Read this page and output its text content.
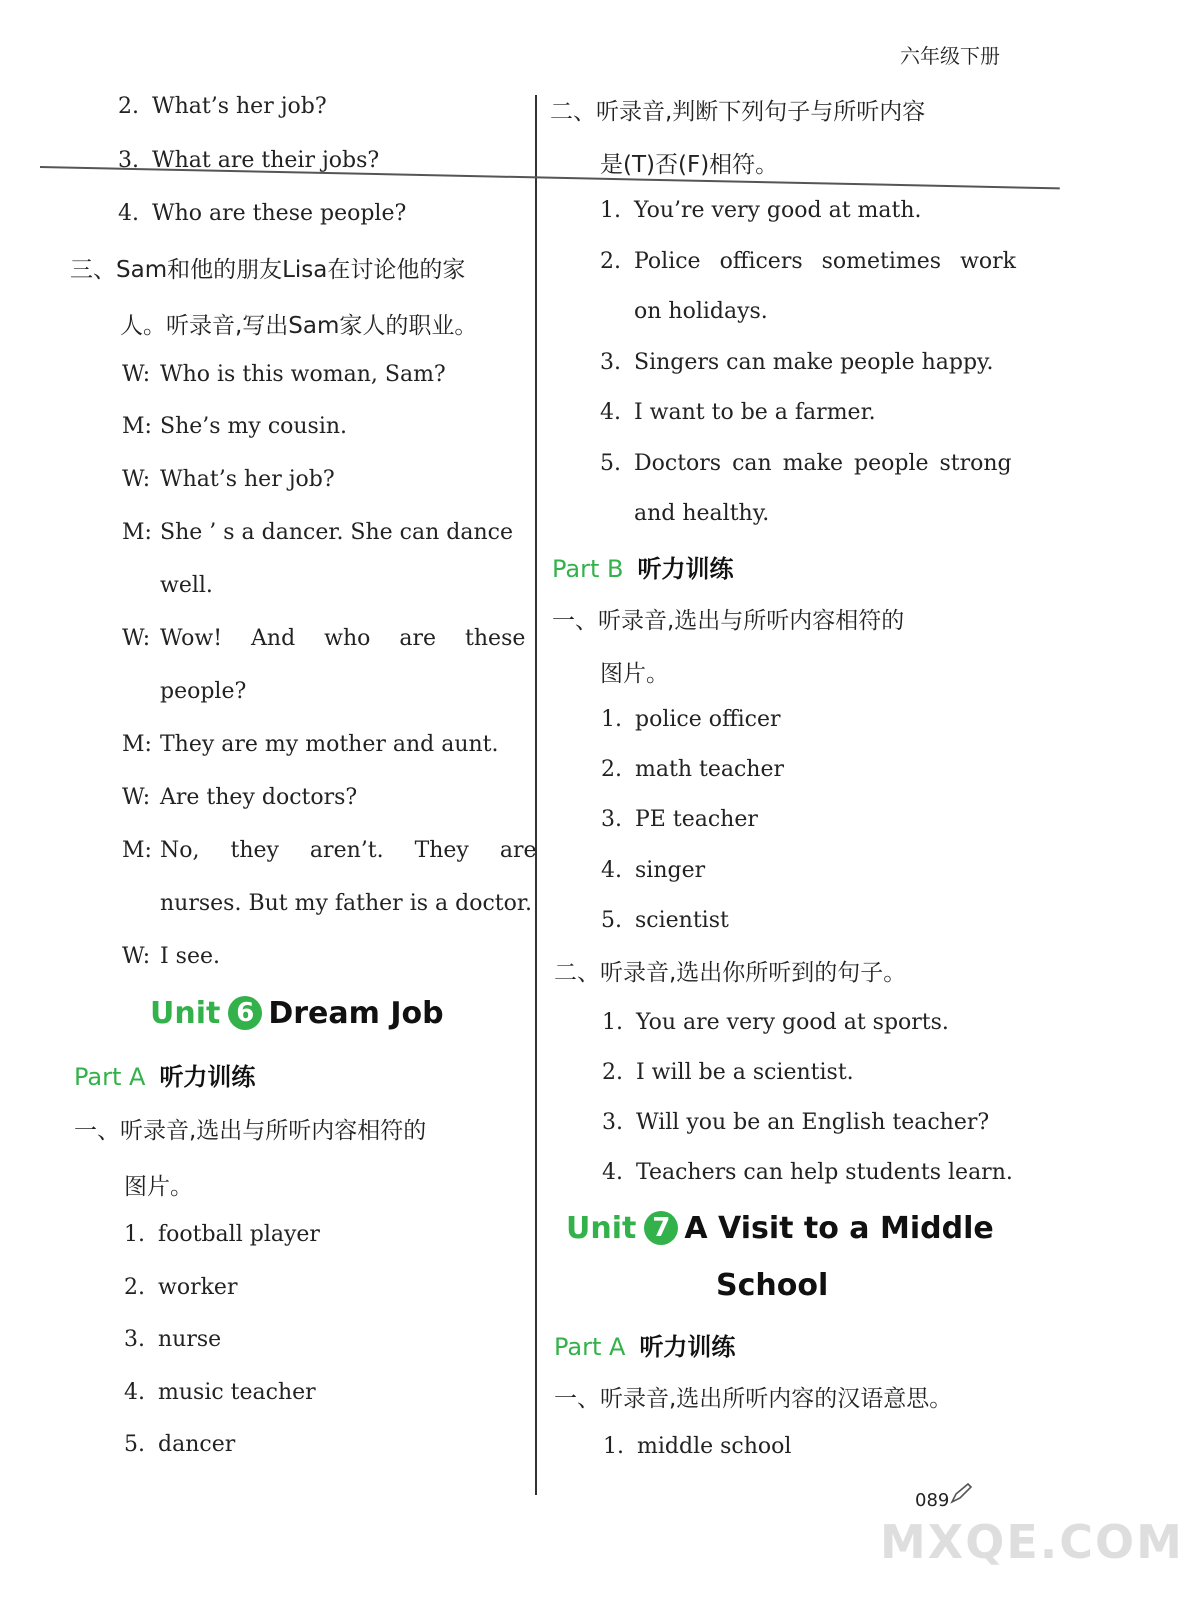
六年级下册
2. What’s her job?
3. What are their jobs?
4. Who are these people?
三、Sam和他的朋友Lisa在讨论他的家
人。听录音,写出Sam家人的职业。
W: Who is this woman, Sam?
M: She’s my cousin.
W: What’s her job?
M: She ’ s a dancer. She can dance
well.
W: Wow! And who are these
people?
M: They are my mother and aunt.
W: Are they doctors?
M: No, they aren’t. They are
nurses. But my father is a doctor.
W: I see.
Unit 6 Dream Job
Part A 听力训练
一、听录音,选出与所听内容相符的
图片。
1. football player
2. worker
3. nurse
4. music teacher
5. dancer
二、听录音,判断下列句子与所听内容
是(T)否(F)相符。
1. You’re very good at math.
2. Police officers sometimes work
on holidays.
3. Singers can make people happy.
4. I want to be a farmer.
5. Doctors can make people strong
and healthy.
Part B 听力训练
一、听录音,选出与所听内容相符的
图片。
1. police officer
2. math teacher
3. PE teacher
4. singer
5. scientist
二、听录音,选出你所听到的句子。
1. You are very good at sports.
2. I will be a scientist.
3. Will you be an English teacher?
4. Teachers can help students learn.
Unit 7 A Visit to a Middle
School
Part A 听力训练
一、听录音,选出所听内容的汉语意思。
1. middle school
089
MXQE.COM
